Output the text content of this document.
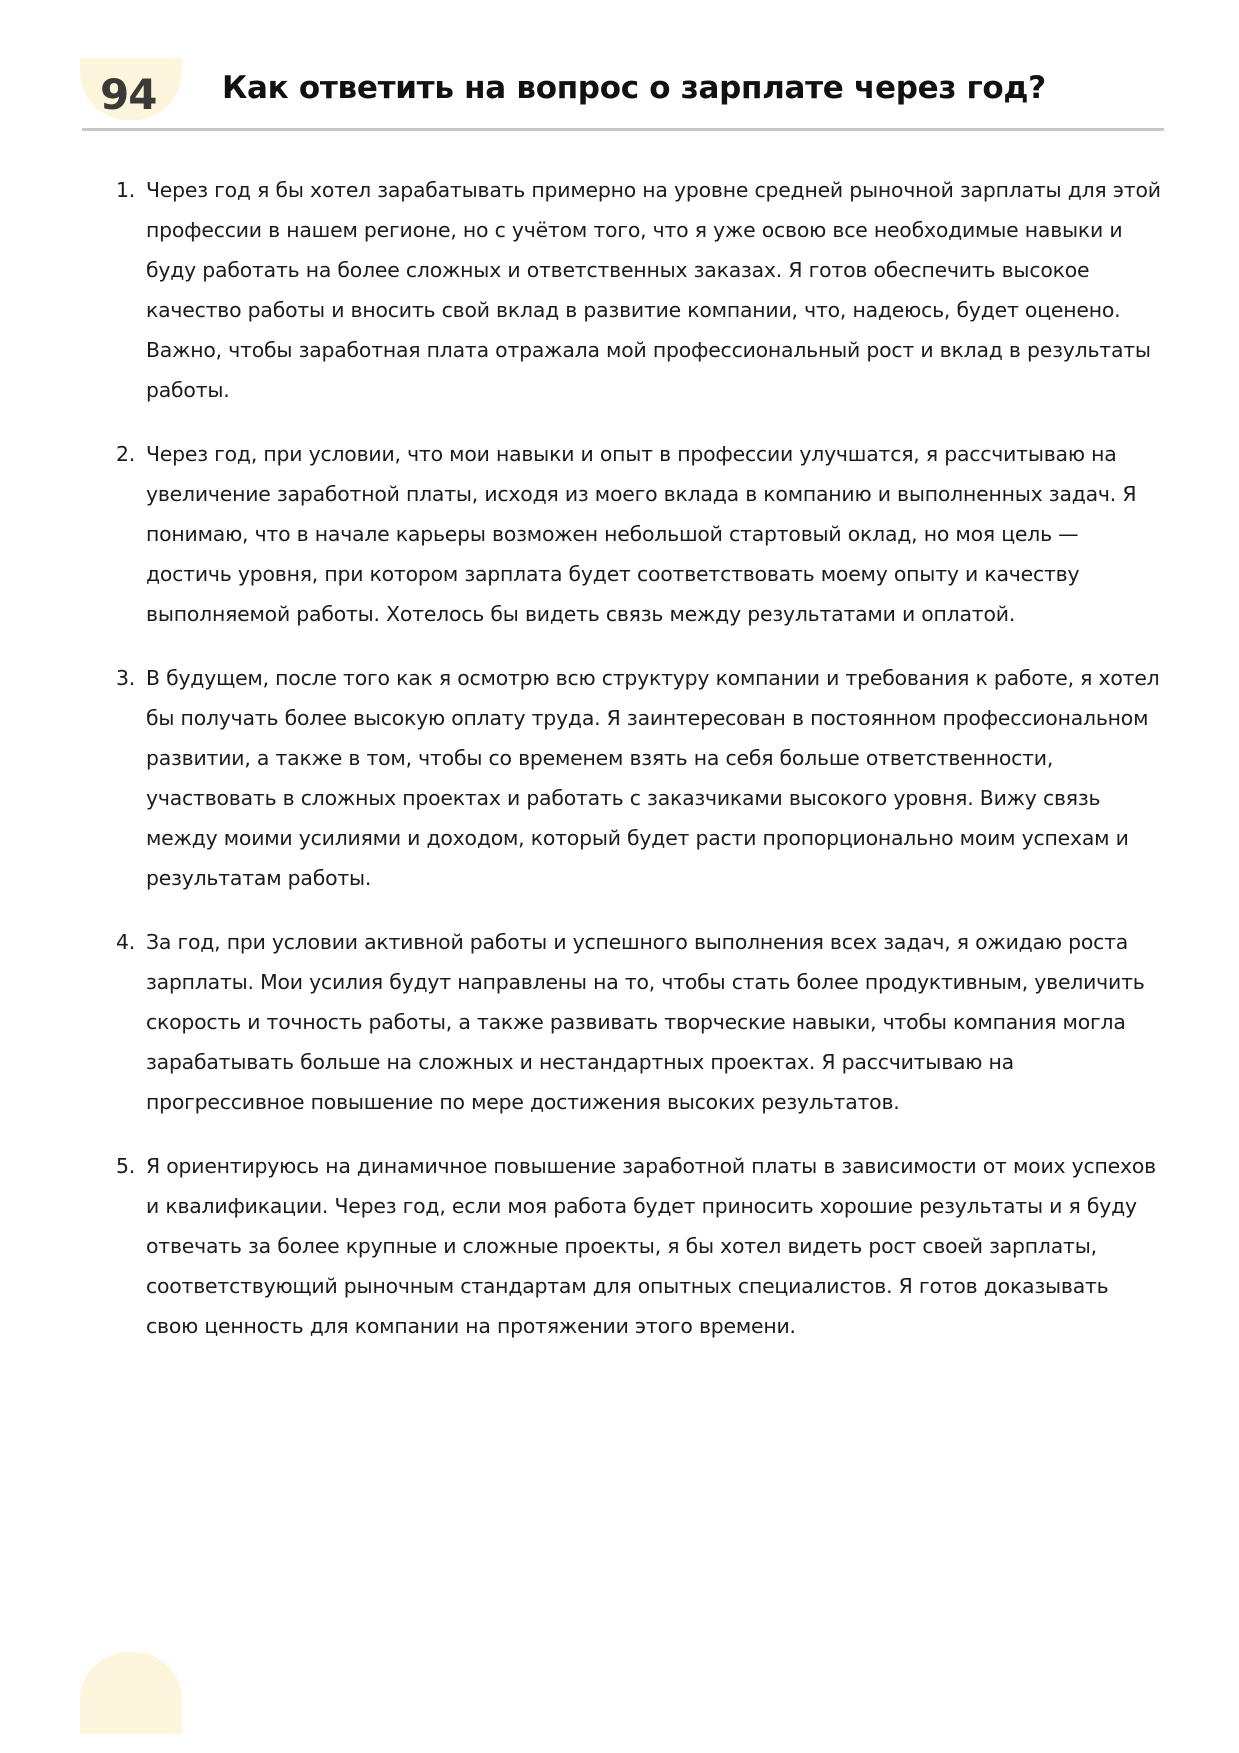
94 Как ответить на вопрос о зарплате через год?
1. Через год я бы хотел зарабатывать примерно на уровне средней рыночной зарплаты для этой профессии в нашем регионе, но с учётом того, что я уже освою все необходимые навыки и буду работать на более сложных и ответственных заказах. Я готов обеспечить высокое качество работы и вносить свой вклад в развитие компании, что, надеюсь, будет оценено. Важно, чтобы заработная плата отражала мой профессиональный рост и вклад в результаты работы.
2. Через год, при условии, что мои навыки и опыт в профессии улучшатся, я рассчитываю на увеличение заработной платы, исходя из моего вклада в компанию и выполненных задач. Я понимаю, что в начале карьеры возможен небольшой стартовый оклад, но моя цель — достичь уровня, при котором зарплата будет соответствовать моему опыту и качеству выполняемой работы. Хотелось бы видеть связь между результатами и оплатой.
3. В будущем, после того как я осмотрю всю структуру компании и требования к работе, я хотел бы получать более высокую оплату труда. Я заинтересован в постоянном профессиональном развитии, а также в том, чтобы со временем взять на себя больше ответственности, участвовать в сложных проектах и работать с заказчиками высокого уровня. Вижу связь между моими усилиями и доходом, который будет расти пропорционально моим успехам и результатам работы.
4. За год, при условии активной работы и успешного выполнения всех задач, я ожидаю роста зарплаты. Мои усилия будут направлены на то, чтобы стать более продуктивным, увеличить скорость и точность работы, а также развивать творческие навыки, чтобы компания могла зарабатывать больше на сложных и нестандартных проектах. Я рассчитываю на прогрессивное повышение по мере достижения высоких результатов.
5. Я ориентируюсь на динамичное повышение заработной платы в зависимости от моих успехов и квалификации. Через год, если моя работа будет приносить хорошие результаты и я буду отвечать за более крупные и сложные проекты, я бы хотел видеть рост своей зарплаты, соответствующий рыночным стандартам для опытных специалистов. Я готов доказывать свою ценность для компании на протяжении этого времени.
